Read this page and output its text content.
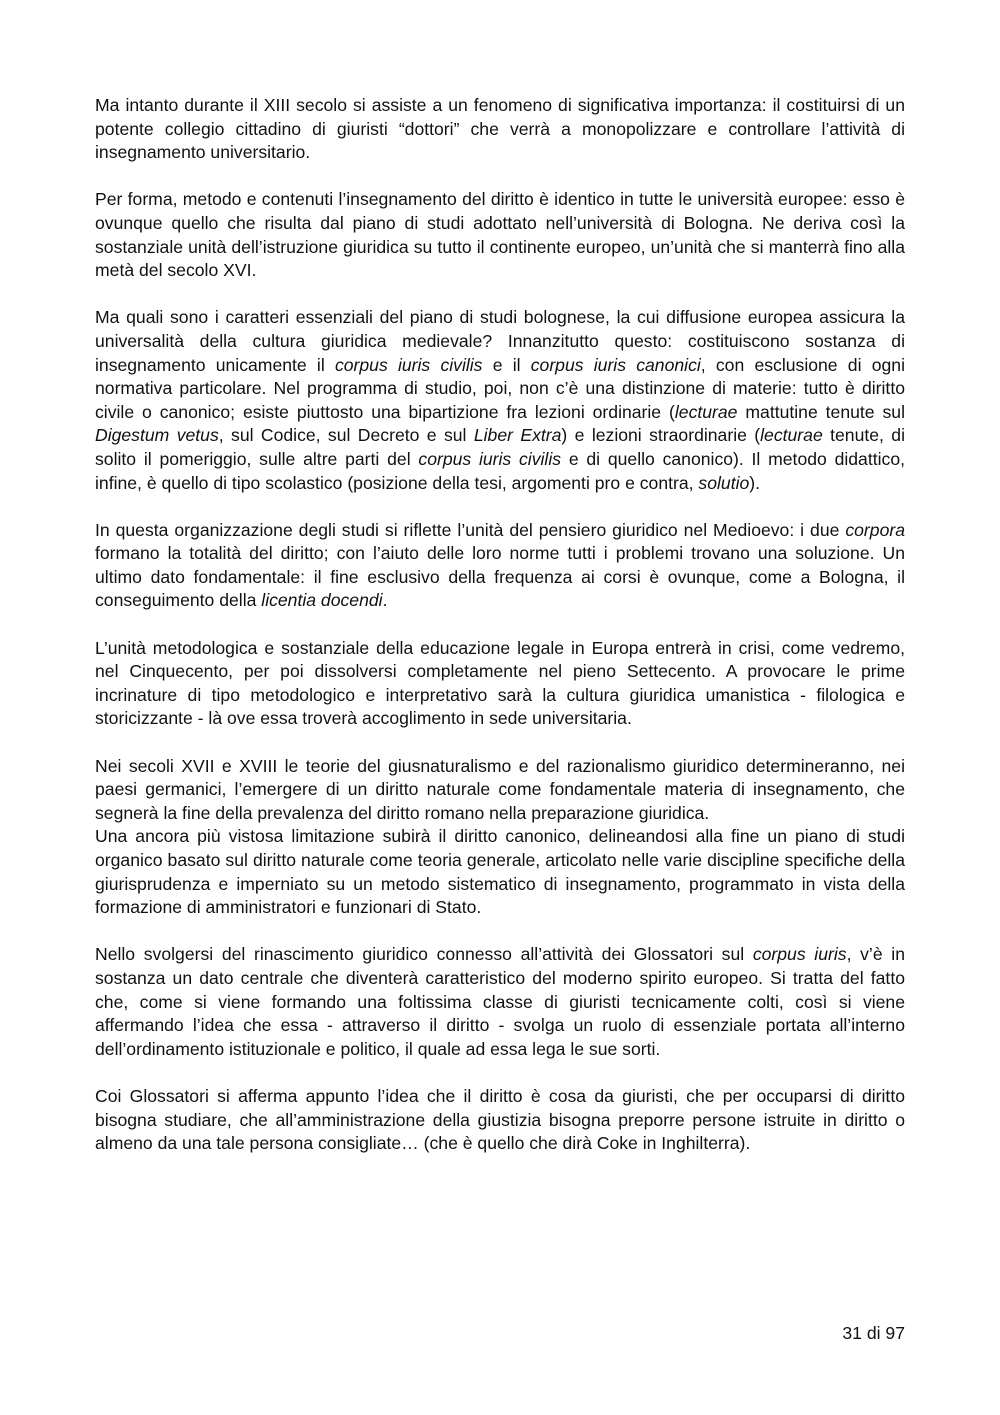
Ma intanto durante il XIII secolo si assiste a un fenomeno di significativa importanza: il costituirsi di un potente collegio cittadino di giuristi “dottori” che verrà a monopolizzare e controllare l’attività di insegnamento universitario.

Per forma, metodo e contenuti l’insegnamento del diritto è identico in tutte le università europee: esso è ovunque quello che risulta dal piano di studi adottato nell’università di Bologna. Ne deriva così la sostanziale unità dell’istruzione giuridica su tutto il continente europeo, un’unità che si manterrà fino alla metà del secolo XVI.

Ma quali sono i caratteri essenziali del piano di studi bolognese, la cui diffusione europea assicura la universalità della cultura giuridica medievale? Innanzitutto questo: costituiscono sostanza di insegnamento unicamente il corpus iuris civilis e il corpus iuris canonici, con esclusione di ogni normativa particolare. Nel programma di studio, poi, non c’è una distinzione di materie: tutto è diritto civile o canonico; esiste piuttosto una bipartizione fra lezioni ordinarie (lecturae mattutine tenute sul Digestum vetus, sul Codice, sul Decreto e sul Liber Extra) e lezioni straordinarie (lecturae tenute, di solito il pomeriggio, sulle altre parti del corpus iuris civilis e di quello canonico). Il metodo didattico, infine, è quello di tipo scolastico (posizione della tesi, argomenti pro e contra, solutio).

In questa organizzazione degli studi si riflette l’unità del pensiero giuridico nel Medioevo: i due corpora formano la totalità del diritto; con l’aiuto delle loro norme tutti i problemi trovano una soluzione. Un ultimo dato fondamentale: il fine esclusivo della frequenza ai corsi è ovunque, come a Bologna, il conseguimento della licentia docendi.

L’unità metodologica e sostanziale della educazione legale in Europa entrerà in crisi, come vedremo, nel Cinquecento, per poi dissolversi completamente nel pieno Settecento. A provocare le prime incrinature di tipo metodologico e interpretativo sarà la cultura giuridica umanistica - filologica e storicizzante - là ove essa troverà accoglimento in sede universitaria.

Nei secoli XVII e XVIII le teorie del giusnaturalismo e del razionalismo giuridico determineranno, nei paesi germanici, l’emergere di un diritto naturale come fondamentale materia di insegnamento, che segnerà la fine della prevalenza del diritto romano nella preparazione giuridica.

Una ancora più vistosa limitazione subirà il diritto canonico, delineandosi alla fine un piano di studi organico basato sul diritto naturale come teoria generale, articolato nelle varie discipline specifiche della giurisprudenza e imperniato su un metodo sistematico di insegnamento, programmato in vista della formazione di amministratori e funzionari di Stato.

Nello svolgersi del rinascimento giuridico connesso all’attività dei Glossatori sul corpus iuris, v’è in sostanza un dato centrale che diventerà caratteristico del moderno spirito europeo. Si tratta del fatto che, come si viene formando una foltissima classe di giuristi tecnicamente colti, così si viene affermando l’idea che essa - attraverso il diritto - svolga un ruolo di essenziale portata all’interno dell’ordinamento istituzionale e politico, il quale ad essa lega le sue sorti.

Coi Glossatori si afferma appunto l’idea che il diritto è cosa da giuristi, che per occuparsi di diritto bisogna studiare, che all’amministrazione della giustizia bisogna preporre persone istruite in diritto o almeno da una tale persona consigliate… (che è quello che dirà Coke in Inghilterra).

31 di 97
